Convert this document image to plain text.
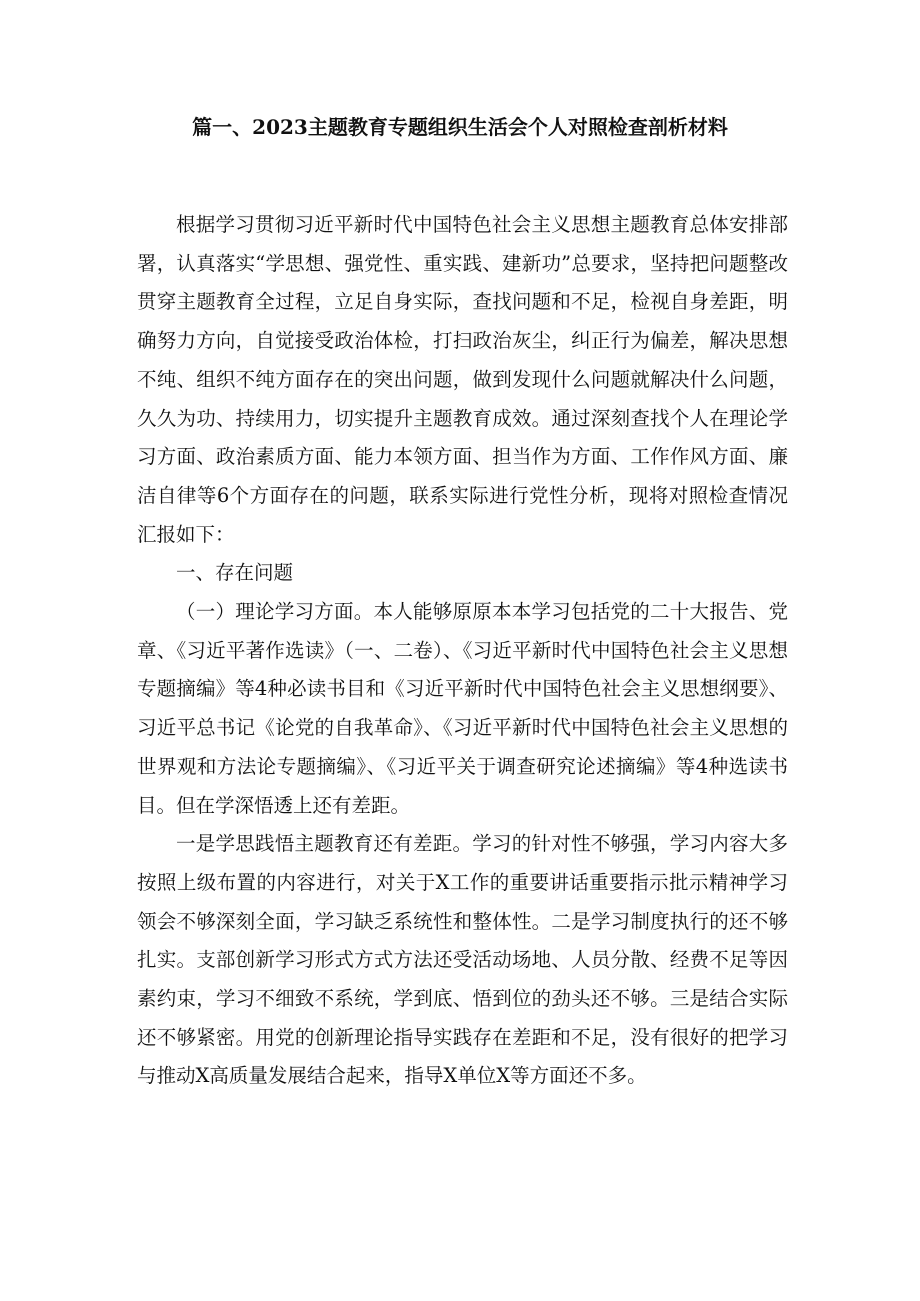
篇一、2023主题教育专题组织生活会个人对照检查剖析材料

根据学习贯彻习近平新时代中国特色社会主义思想主题教育总体安排部署，认真落实“学思想、强党性、重实践、建新功”总要求，坚持把问题整改贯穿主题教育全过程，立足自身实际，查找问题和不足，检视自身差距，明确努力方向，自觉接受政治体检，打扫政治灰尘，纠正行为偏差，解决思想不纯、组织不纯方面存在的突出问题，做到发现什么问题就解决什么问题，久久为功、持续用力，切实提升主题教育成效。通过深刻查找个人在理论学习方面、政治素质方面、能力本领方面、担当作为方面、工作作风方面、廉洁自律等6个方面存在的问题，联系实际进行党性分析，现将对照检查情况汇报如下：

一、存在问题

（一）理论学习方面。本人能够原原本本学习包括党的二十大报告、党章、《习近平著作选读》（一、二卷）、《习近平新时代中国特色社会主义思想专题摘编》等4种必读书目和《习近平新时代中国特色社会主义思想纲要》、习近平总书记《论党的自我革命》、《习近平新时代中国特色社会主义思想的世界观和方法论专题摘编》、《习近平关于调查研究论述摘编》等4种选读书目。但在学深悟透上还有差距。

一是学思践悟主题教育还有差距。学习的针对性不够强，学习内容大多按照上级布置的内容进行，对关于X工作的重要讲话重要指示批示精神学习领会不够深刻全面，学习缺乏系统性和整体性。二是学习制度执行的还不够扎实。支部创新学习形式方式方法还受活动场地、人员分散、经费不足等因素约束，学习不细致不系统，学到底、悟到位的劲头还不够。三是结合实际还不够紧密。用党的创新理论指导实践存在差距和不足，没有很好的把学习与推动X高质量发展结合起来，指导X单位X等方面还不多。
